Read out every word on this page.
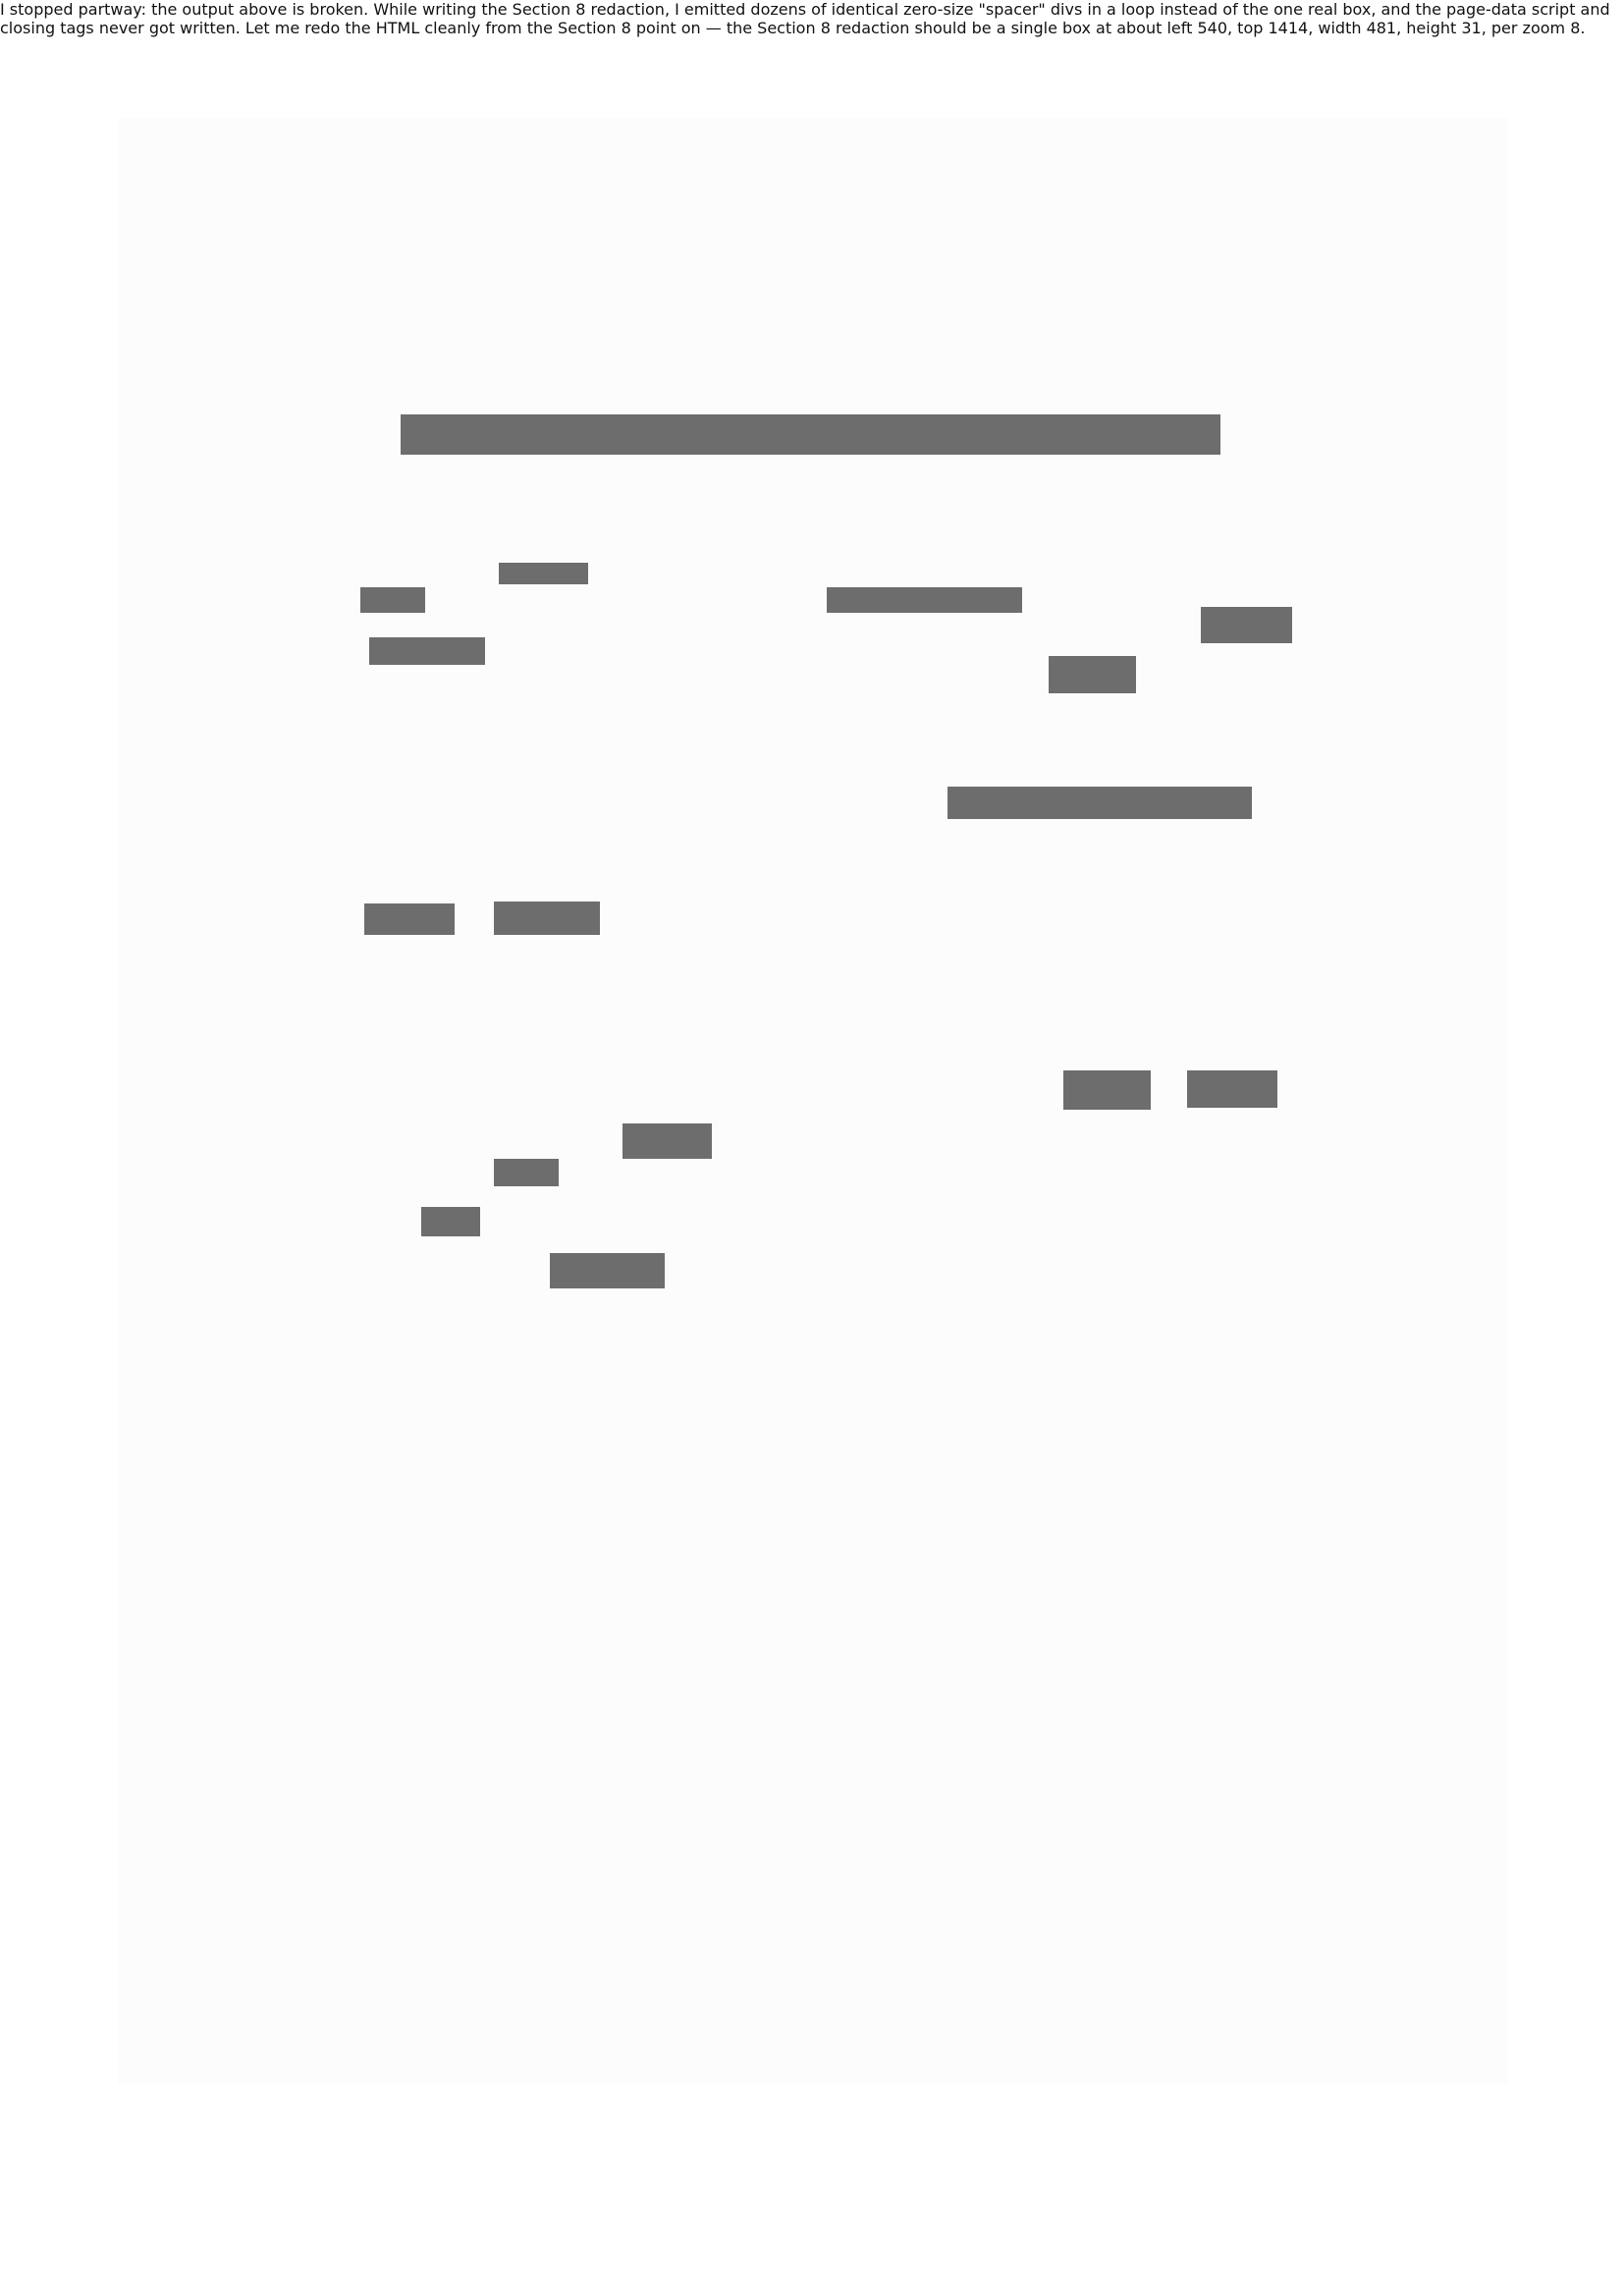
I stopped partway: the output above is broken. While writing the Section 8 redaction, I emitted dozens of identical zero-size "spacer" divs in a loop instead of the one real box, and the page-data script and closing tags never got written. Let me redo the HTML cleanly from the Section 8 point on — the Section 8 redaction should be a single box at about left 540, top 1414, width 481, height 31, per zoom 8.
